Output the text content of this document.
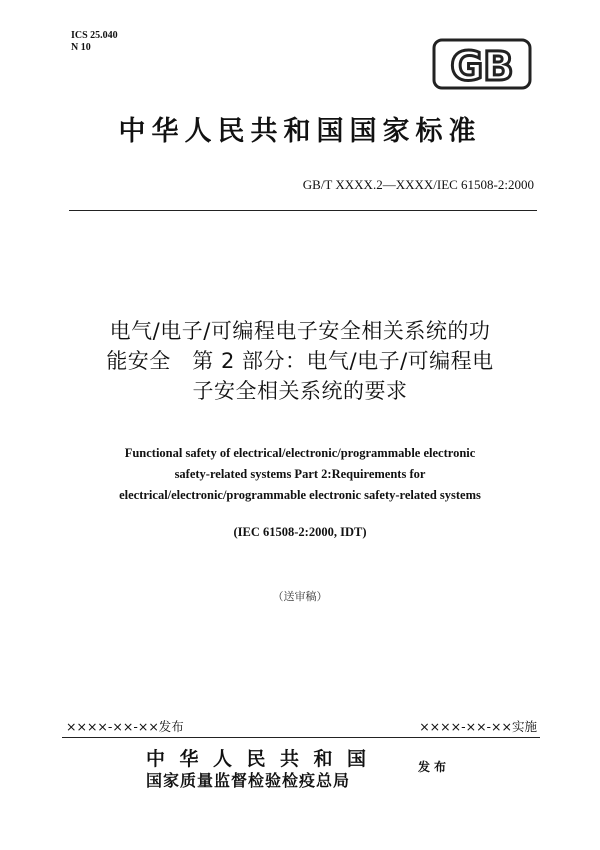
ICS 25.040
N 10	GB
中华人民共和国国家标准
GB/T XXXX.2—XXXX/IEC 61508-2:2000
电气/电子/可编程电子安全相关系统的功
能安全　第 2 部分：电气/电子/可编程电
子安全相关系统的要求
Functional safety of electrical/electronic/programmable electronic
safety-related systems Part 2:Requirements for
electrical/electronic/programmable electronic safety-related systems
(IEC 61508-2:2000, IDT)
（送审稿）
××××-××-××发布	××××-××-××实施
中华人民共和国
国家质量监督检验检疫总局
发布
